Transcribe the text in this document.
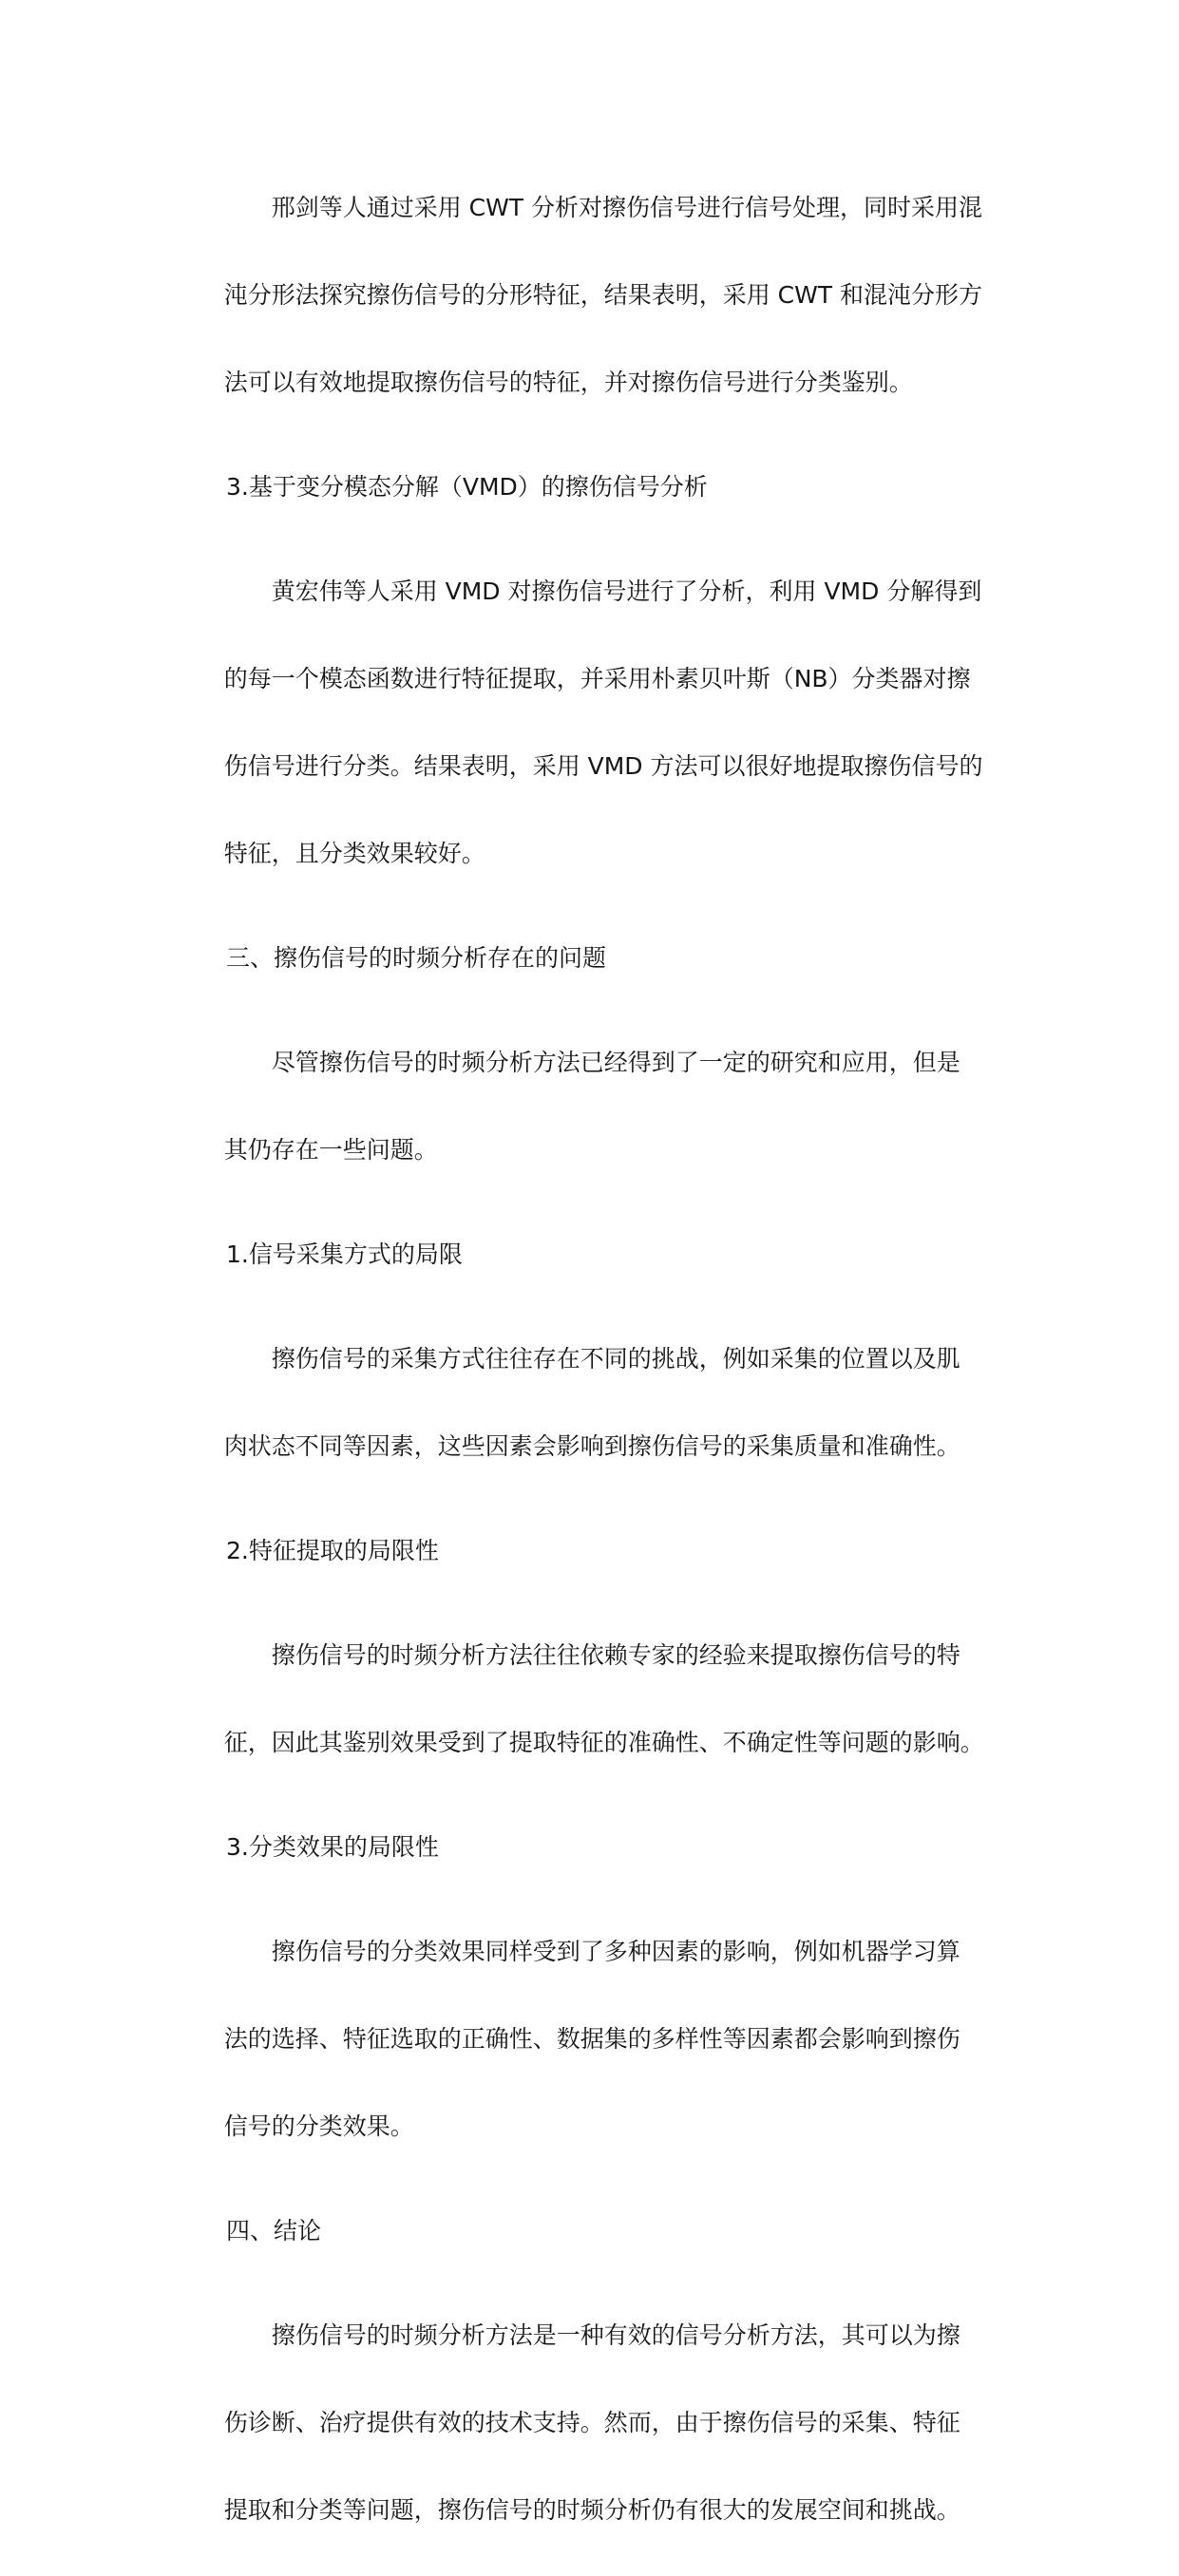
　　邢剑等人通过采用 CWT 分析对擦伤信号进行信号处理，同时采用混

沌分形法探究擦伤信号的分形特征，结果表明，采用 CWT 和混沌分形方

法可以有效地提取擦伤信号的特征，并对擦伤信号进行分类鉴别。

　　3.基于变分模态分解（VMD）的擦伤信号分析

　　黄宏伟等人采用 VMD 对擦伤信号进行了分析，利用 VMD 分解得到

的每一个模态函数进行特征提取，并采用朴素贝叶斯（NB）分类器对擦

伤信号进行分类。结果表明，采用 VMD 方法可以很好地提取擦伤信号的

特征，且分类效果较好。

　　三、擦伤信号的时频分析存在的问题

　　尽管擦伤信号的时频分析方法已经得到了一定的研究和应用，但是

其仍存在一些问题。

　　1.信号采集方式的局限

　　擦伤信号的采集方式往往存在不同的挑战，例如采集的位置以及肌

肉状态不同等因素，这些因素会影响到擦伤信号的采集质量和准确性。

　　2.特征提取的局限性

　　擦伤信号的时频分析方法往往依赖专家的经验来提取擦伤信号的特

征，因此其鉴别效果受到了提取特征的准确性、不确定性等问题的影响。

　　3.分类效果的局限性

　　擦伤信号的分类效果同样受到了多种因素的影响，例如机器学习算

法的选择、特征选取的正确性、数据集的多样性等因素都会影响到擦伤

信号的分类效果。

　　四、结论

　　擦伤信号的时频分析方法是一种有效的信号分析方法，其可以为擦

伤诊断、治疗提供有效的技术支持。然而，由于擦伤信号的采集、特征

提取和分类等问题，擦伤信号的时频分析仍有很大的发展空间和挑战。
